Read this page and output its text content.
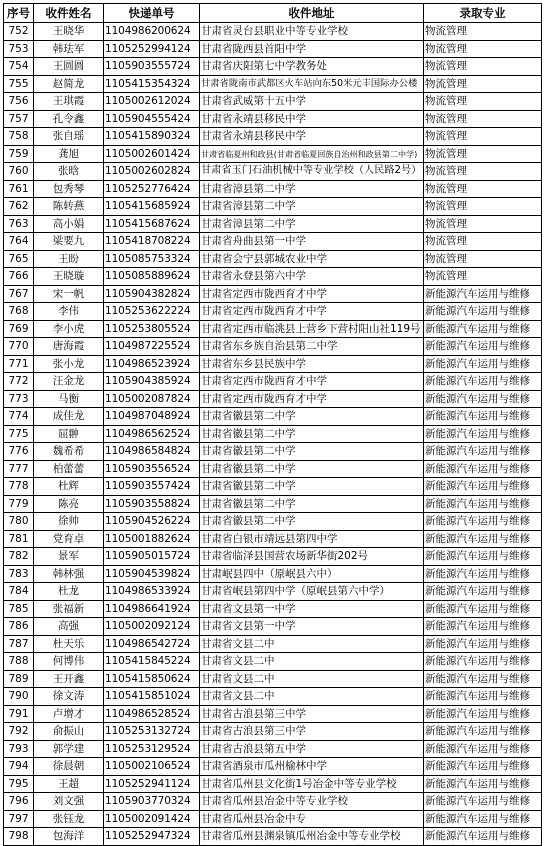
序号	收件姓名	快递单号	收件地址	录取专业
752	王晓华	1104986200624	甘肃省灵台县职业中等专业学校	物流管理
753	韩珐军	1105252994124	甘肃省陇西县首阳中学	物流管理
754	王圆圆	1105903555724	甘肃省庆阳第七中学教务处	物流管理
755	赵简龙	1105415354324	甘肃省陇南市武都区火车站向东50米元丰国际办公楼	物流管理
756	王琪霞	1105002612024	甘肃省武威第十五中学	物流管理
757	孔令鑫	1105904555424	甘肃省永靖县移民中学	物流管理
758	张自瑶	1105415890324	甘肃省永靖县移民中学	物流管理
759	龚旭	1105002601424	甘肃省临夏州和政县(甘肃省临夏回族自治州和政县第二中学)	物流管理
760	张晗	1105002602824	甘肃省玉门石油机械中等专业学校（人民路2号）	物流管理
761	包秀琴	1105252776424	甘肃省漳县第二中学	物流管理
762	陈转燕	1105415685924	甘肃省漳县第二中学	物流管理
763	高小娟	1105415687624	甘肃省漳县第二中学	物流管理
764	梁要九	1105418708224	甘肃省舟曲县第一中学	物流管理
765	王盼	1105085753324	甘肃省会宁县郭城农业中学	物流管理
766	王晓璇	1105085889624	甘肃省永登县第六中学	物流管理
767	宋一帆	1105904382824	甘肃省定西市陇西育才中学	新能源汽车运用与维修
768	李伟	1105253622224	甘肃省定西市陇西育才中学	新能源汽车运用与维修
769	李小虎	1105253805524	甘肃省定西市临洮县上营乡下营村阳山社119号	新能源汽车运用与维修
770	唐海霞	1104987225524	甘肃省东乡族自治县第二中学	新能源汽车运用与维修
771	张小龙	1104986523924	甘肃省东乡县民族中学	新能源汽车运用与维修
772	汪金龙	1105904385924	甘肃省定西市陇西育才中学	新能源汽车运用与维修
773	马衡	1105002087824	甘肃省定西市陇西育才中学	新能源汽车运用与维修
774	成佳龙	1104987048924	甘肃省徽县第二中学	新能源汽车运用与维修
775	屈翀	1104986562524	甘肃省徽县第二中学	新能源汽车运用与维修
776	魏希希	1104986584824	甘肃省徽县第二中学	新能源汽车运用与维修
777	柏蕾蕾	1105903556524	甘肃省徽县第二中学	新能源汽车运用与维修
778	杜辉	1105903557424	甘肃省徽县第二中学	新能源汽车运用与维修
779	陈亮	1105903558824	甘肃省徽县第二中学	新能源汽车运用与维修
780	徐帅	1105904526224	甘肃省徽县第二中学	新能源汽车运用与维修
781	党育卓	1105001882624	甘肃省白银市靖远县第四中学	新能源汽车运用与维修
782	景军	1105905015724	甘肃省临泽县国营农场新华街202号	新能源汽车运用与维修
783	韩林强	1105904539824	甘肃岷县四中（原岷县六中）	新能源汽车运用与维修
784	杜龙	1104986533924	甘肃省岷县第四中学（原岷县第六中学）	新能源汽车运用与维修
785	张福新	1104986641924	甘肃省文县第一中学	新能源汽车运用与维修
786	高强	1105002092124	甘肃省文县第一中学	新能源汽车运用与维修
787	杜天乐	1104986542724	甘肃省文县二中	新能源汽车运用与维修
788	何博伟	1105415845224	甘肃省文县二中	新能源汽车运用与维修
789	王开鑫	1105415850624	甘肃省文县二中	新能源汽车运用与维修
790	徐文涛	1105415851024	甘肃省文县二中	新能源汽车运用与维修
791	卢增才	1104986528524	甘肃省古浪县第三中学	新能源汽车运用与维修
792	俞振山	1105253132724	甘肃省古浪县第三中学	新能源汽车运用与维修
793	郭学建	1105253129524	甘肃省古浪县第五中学	新能源汽车运用与维修
794	徐晨朝	1105002106524	甘肃省酒泉市瓜州榆林中学	新能源汽车运用与维修
795	王超	1105252941124	甘肃省瓜州县文化街1号冶金中等专业学校	新能源汽车运用与维修
796	刘文强	1105903770324	甘肃省瓜州县冶金中等专业学校	新能源汽车运用与维修
797	张钰龙	1105002091424	甘肃省瓜州县冶金中专	新能源汽车运用与维修
798	包海洋	1105252947324	甘肃省瓜州县渊泉镇瓜州冶金中等专业学校	新能源汽车运用与维修
